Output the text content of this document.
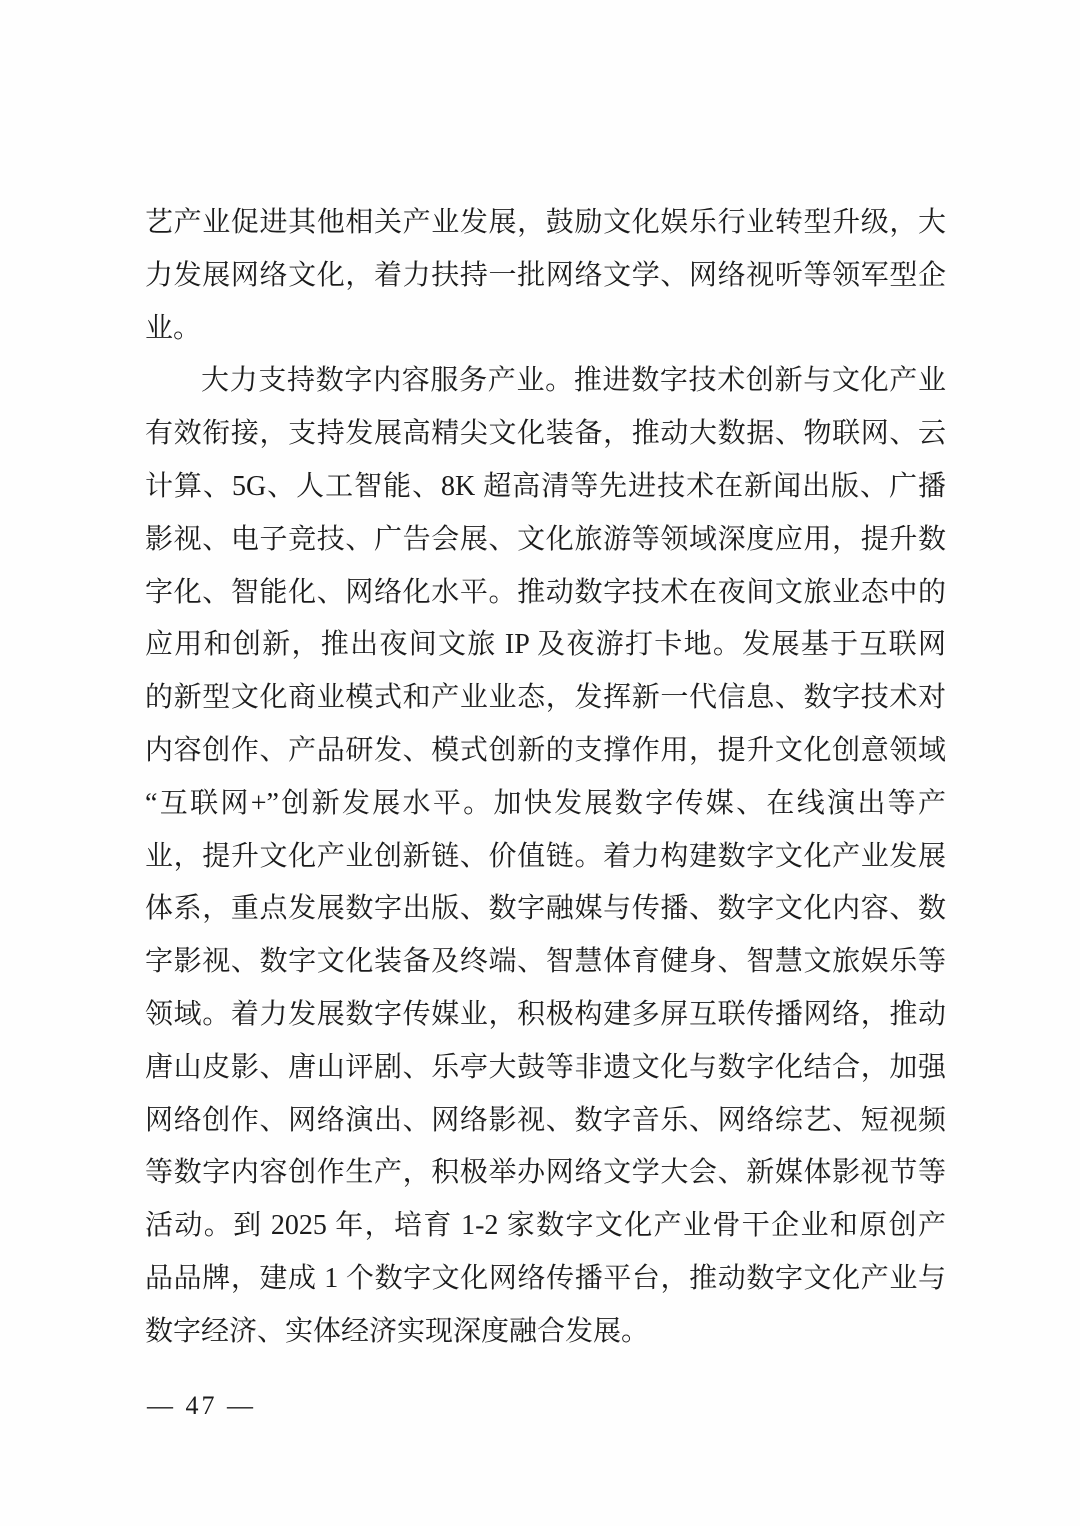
艺产业促进其他相关产业发展，鼓励文化娱乐行业转型升级，大
力发展网络文化，着力扶持一批网络文学、网络视听等领军型企
业。
大力支持数字内容服务产业。推进数字技术创新与文化产业
有效衔接，支持发展高精尖文化装备，推动大数据、物联网、云
计算、5G、人工智能、8K 超高清等先进技术在新闻出版、广播
影视、电子竞技、广告会展、文化旅游等领域深度应用，提升数
字化、智能化、网络化水平。推动数字技术在夜间文旅业态中的
应用和创新，推出夜间文旅 IP 及夜游打卡地。发展基于互联网
的新型文化商业模式和产业业态，发挥新一代信息、数字技术对
内容创作、产品研发、模式创新的支撑作用，提升文化创意领域
“互联网+”创新发展水平。加快发展数字传媒、在线演出等产
业，提升文化产业创新链、价值链。着力构建数字文化产业发展
体系，重点发展数字出版、数字融媒与传播、数字文化内容、数
字影视、数字文化装备及终端、智慧体育健身、智慧文旅娱乐等
领域。着力发展数字传媒业，积极构建多屏互联传播网络，推动
唐山皮影、唐山评剧、乐亭大鼓等非遗文化与数字化结合，加强
网络创作、网络演出、网络影视、数字音乐、网络综艺、短视频
等数字内容创作生产，积极举办网络文学大会、新媒体影视节等
活动。到 2025 年，培育 1-2 家数字文化产业骨干企业和原创产
品品牌，建成 1 个数字文化网络传播平台，推动数字文化产业与
数字经济、实体经济实现深度融合发展。
— 47 —
